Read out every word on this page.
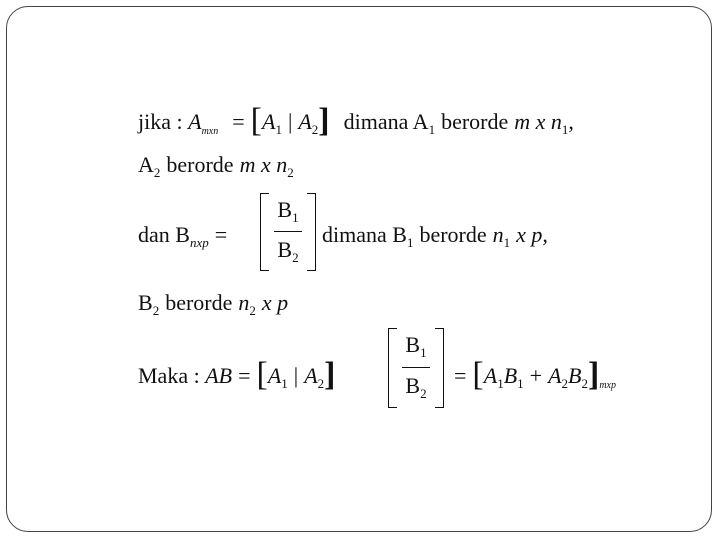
jika : $A_{mxn} = [A_1$ | $A_2$] dimana $A_1$ berorde m x $n_1$,
$A_2$ berorde m x $n_2$
dan $B_{nxp}$ =
$B_1$
$B_2$
dimana $B_1$ berorde $n_1$ x p,
$B_2$ berorde $n_2$ x p
Maka : AB = [$A_1$ | $A_2$]
$B_1$
$B_2$
= $[A_1B_1 + A_2B_2]_{mxp}$
